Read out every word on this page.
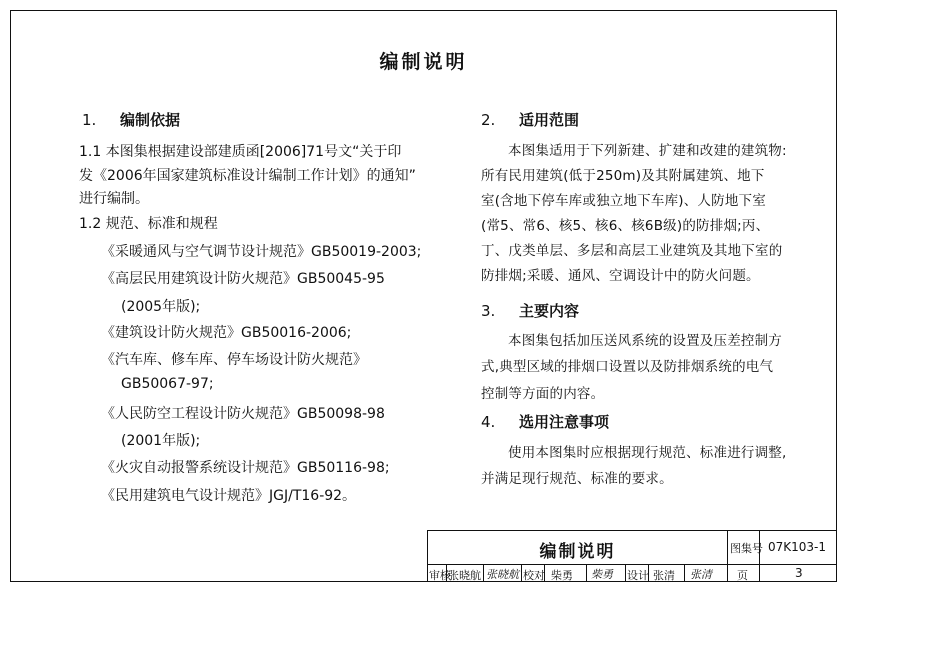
编制说明
1. 编制依据
1.1 本图集根据建设部建质函[2006]71号文“关于印
发《2006年国家建筑标准设计编制工作计划》的通知”
进行编制。
1.2 规范、标准和规程
《采暖通风与空气调节设计规范》GB50019-2003;
《高层民用建筑设计防火规范》GB50045-95
(2005年版);
《建筑设计防火规范》GB50016-2006;
《汽车库、修车库、停车场设计防火规范》
GB50067-97;
《人民防空工程设计防火规范》GB50098-98
(2001年版);
《火灾自动报警系统设计规范》GB50116-98;
《民用建筑电气设计规范》JGJ/T16-92。
2. 适用范围
本图集适用于下列新建、扩建和改建的建筑物:
所有民用建筑(低于250m)及其附属建筑、地下
室(含地下停车库或独立地下车库)、人防地下室
(常5、常6、核5、核6、核6B级)的防排烟;丙、
丁、戊类单层、多层和高层工业建筑及其地下室的
防排烟;采暖、通风、空调设计中的防火问题。
3. 主要内容
本图集包括加压送风系统的设置及压差控制方
式,典型区域的排烟口设置以及防排烟系统的电气
控制等方面的内容。
4. 选用注意事项
使用本图集时应根据现行规范、标准进行调整,
并满足现行规范、标准的要求。
编制说明	图集号 07K103-1
审核
张晓航 张晓航 校对 柴勇 柴勇 设计 张清 张清 页	3
